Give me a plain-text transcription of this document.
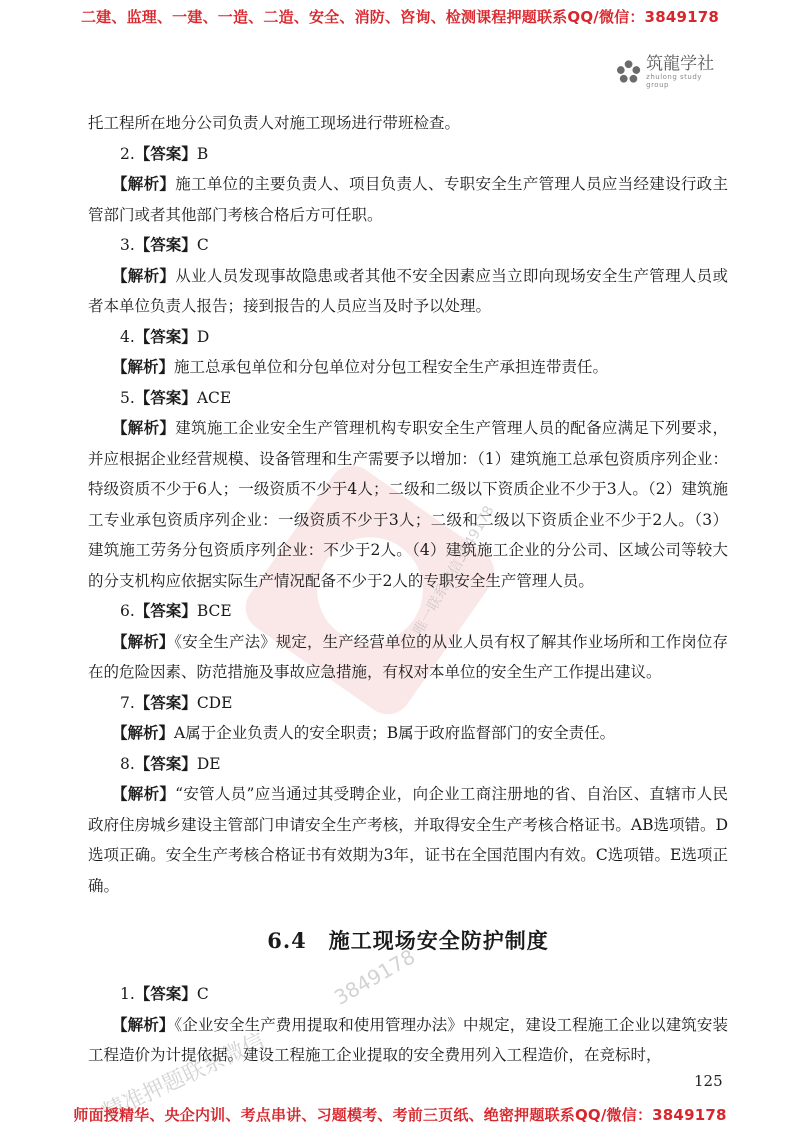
二建、监理、一建、一造、二造、安全、消防、咨询、检测课程押题联系QQ/微信：3849178
筑龍学社
zhulong study group
唯一联系微信3849178
3849178
精准押题联系微信

托工程所在地分公司负责人对施工现场进行带班检查。

2.【答案】B

【解析】施工单位的主要负责人、项目负责人、专职安全生产管理人员应当经建设行政主管部门或者其他部门考核合格后方可任职。

3.【答案】C

【解析】从业人员发现事故隐患或者其他不安全因素应当立即向现场安全生产管理人员或者本单位负责人报告；接到报告的人员应当及时予以处理。

4.【答案】D

【解析】施工总承包单位和分包单位对分包工程安全生产承担连带责任。

5.【答案】ACE

【解析】建筑施工企业安全生产管理机构专职安全生产管理人员的配备应满足下列要求，并应根据企业经营规模、设备管理和生产需要予以增加：（1）建筑施工总承包资质序列企业：特级资质不少于6人；一级资质不少于4人；二级和二级以下资质企业不少于3人。（2）建筑施工专业承包资质序列企业：一级资质不少于3人；二级和二级以下资质企业不少于2人。（3）建筑施工劳务分包资质序列企业：不少于2人。（4）建筑施工企业的分公司、区域公司等较大的分支机构应依据实际生产情况配备不少于2人的专职安全生产管理人员。

6.【答案】BCE

【解析】《安全生产法》规定，生产经营单位的从业人员有权了解其作业场所和工作岗位存在的危险因素、防范措施及事故应急措施，有权对本单位的安全生产工作提出建议。

7.【答案】CDE

【解析】A属于企业负责人的安全职责；B属于政府监督部门的安全责任。

8.【答案】DE

【解析】“安管人员”应当通过其受聘企业，向企业工商注册地的省、自治区、直辖市人民政府住房城乡建设主管部门申请安全生产考核，并取得安全生产考核合格证书。AB选项错。D选项正确。安全生产考核合格证书有效期为3年，证书在全国范围内有效。C选项错。E选项正确。

6.4　施工现场安全防护制度

1.【答案】C

【解析】《企业安全生产费用提取和使用管理办法》中规定，建设工程施工企业以建筑安装工程造价为计提依据。建设工程施工企业提取的安全费用列入工程造价，在竞标时，

125
师面授精华、央企内训、考点串讲、习题模考、考前三页纸、绝密押题联系QQ/微信：3849178
